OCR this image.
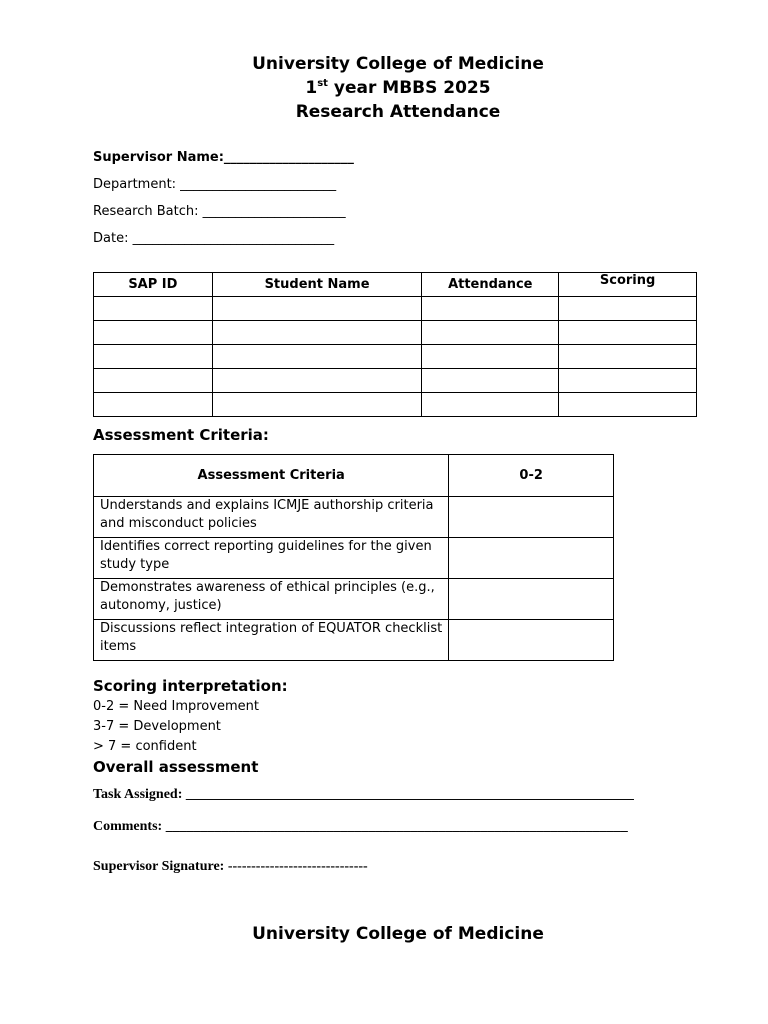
University College of Medicine
1st year MBBS 2025
Research Attendance
Supervisor Name:____________________
Department: ________________________
Research Batch: ______________________
Date: _______________________________
SAP ID	Student Name	Attendance	Scoring

Assessment Criteria:
Assessment Criteria	0-2
Understands and explains ICMJE authorship criteria and misconduct policies	
Identifies correct reporting guidelines for the given study type	
Demonstrates awareness of ethical principles (e.g., autonomy, justice)	
Discussions reflect integration of EQUATOR checklist items	
Scoring interpretation:
0-2 = Need Improvement
3-7 = Development
> 7 = confident
Overall assessment
Task Assigned: ________________________________________________________________
Comments: __________________________________________________________________
Supervisor Signature: ------------------------------
University College of Medicine
